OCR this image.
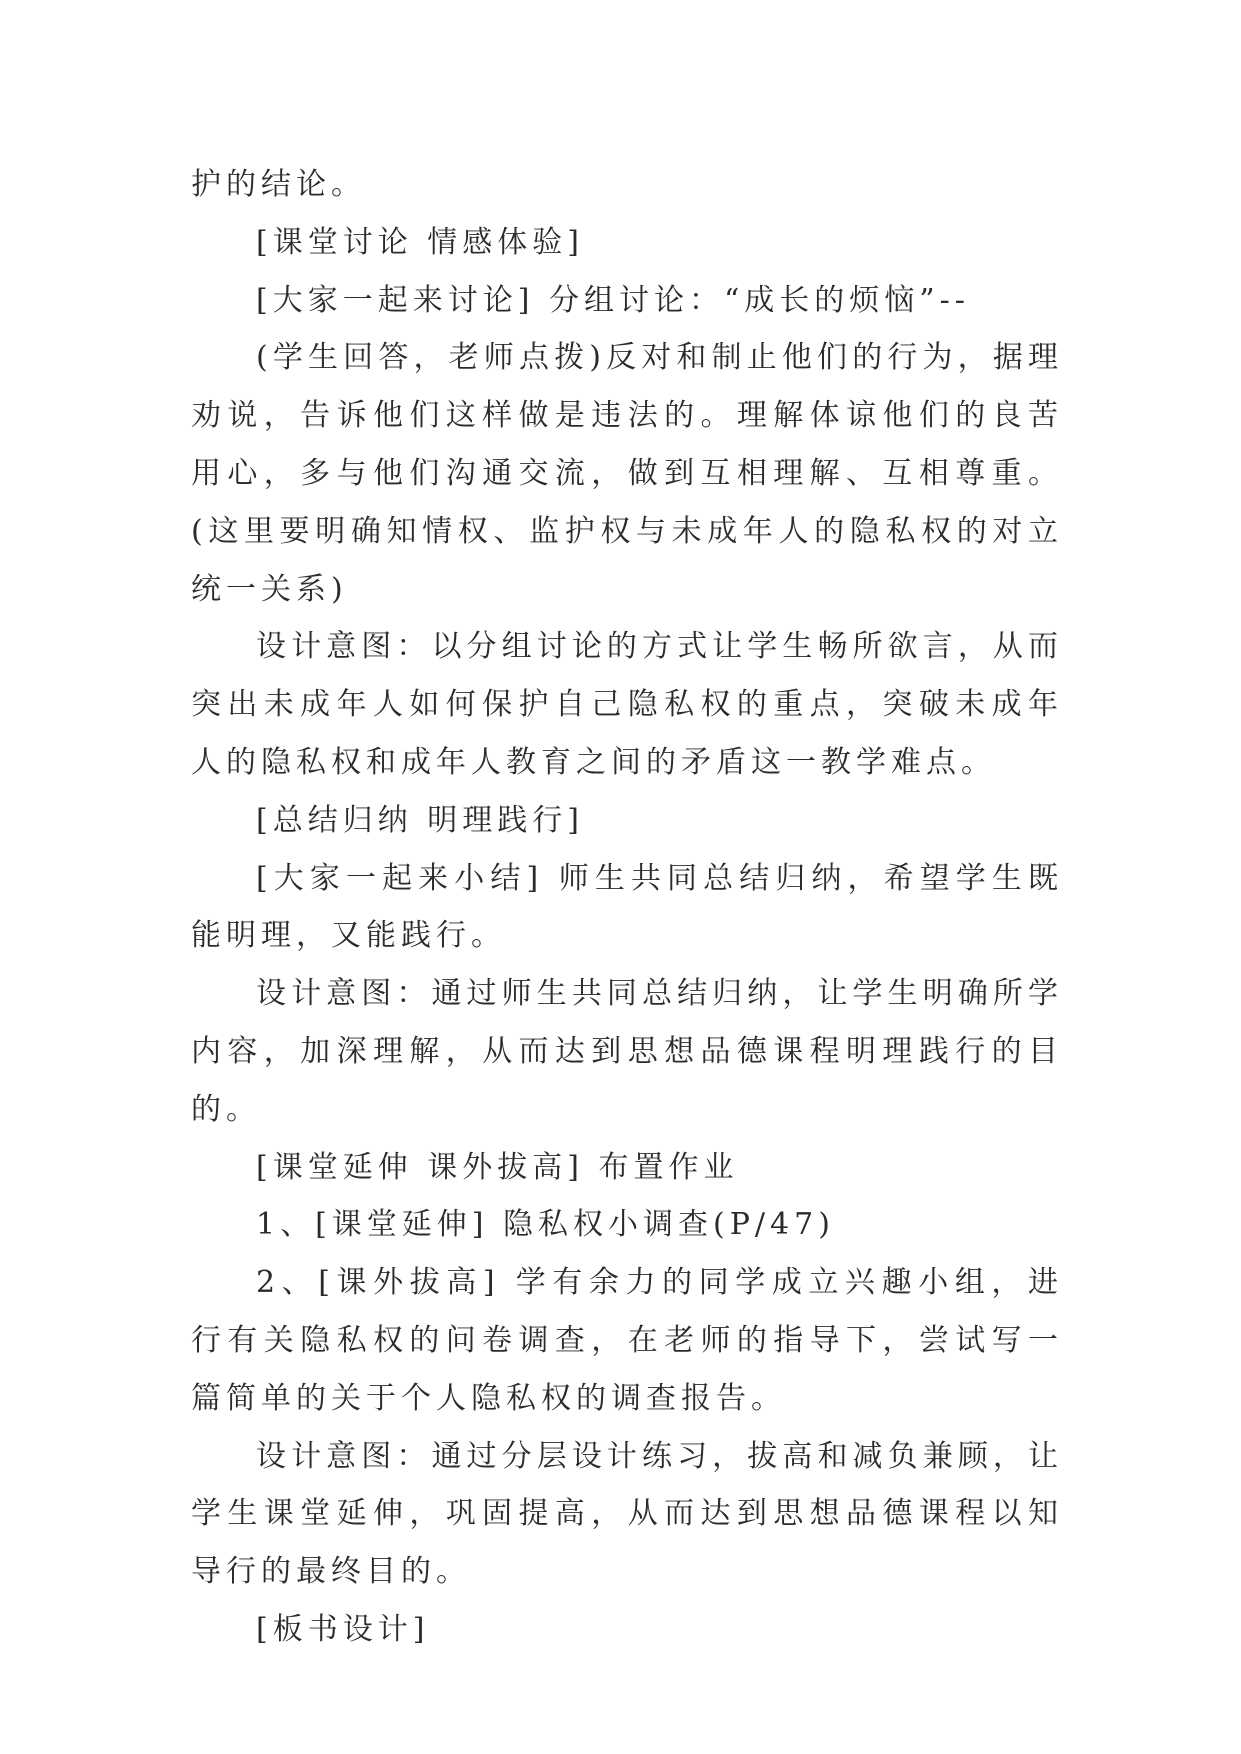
护的结论。

[课堂讨论 情感体验]

[大家一起来讨论] 分组讨论：“成长的烦恼”--

(学生回答，老师点拨)反对和制止他们的行为，据理劝说，告诉他们这样做是违法的。理解体谅他们的良苦用心，多与他们沟通交流，做到互相理解、互相尊重。(这里要明确知情权、监护权与未成年人的隐私权的对立统一关系)

设计意图：以分组讨论的方式让学生畅所欲言，从而突出未成年人如何保护自己隐私权的重点，突破未成年人的隐私权和成年人教育之间的矛盾这一教学难点。

[总结归纳 明理践行]

[大家一起来小结] 师生共同总结归纳，希望学生既能明理，又能践行。

设计意图：通过师生共同总结归纳，让学生明确所学内容，加深理解，从而达到思想品德课程明理践行的目的。

[课堂延伸 课外拔高] 布置作业

1、[课堂延伸] 隐私权小调查(P/47)

2、[课外拔高] 学有余力的同学成立兴趣小组，进行有关隐私权的问卷调查，在老师的指导下，尝试写一篇简单的关于个人隐私权的调查报告。

设计意图：通过分层设计练习，拔高和减负兼顾，让学生课堂延伸，巩固提高，从而达到思想品德课程以知导行的最终目的。

[板书设计]
